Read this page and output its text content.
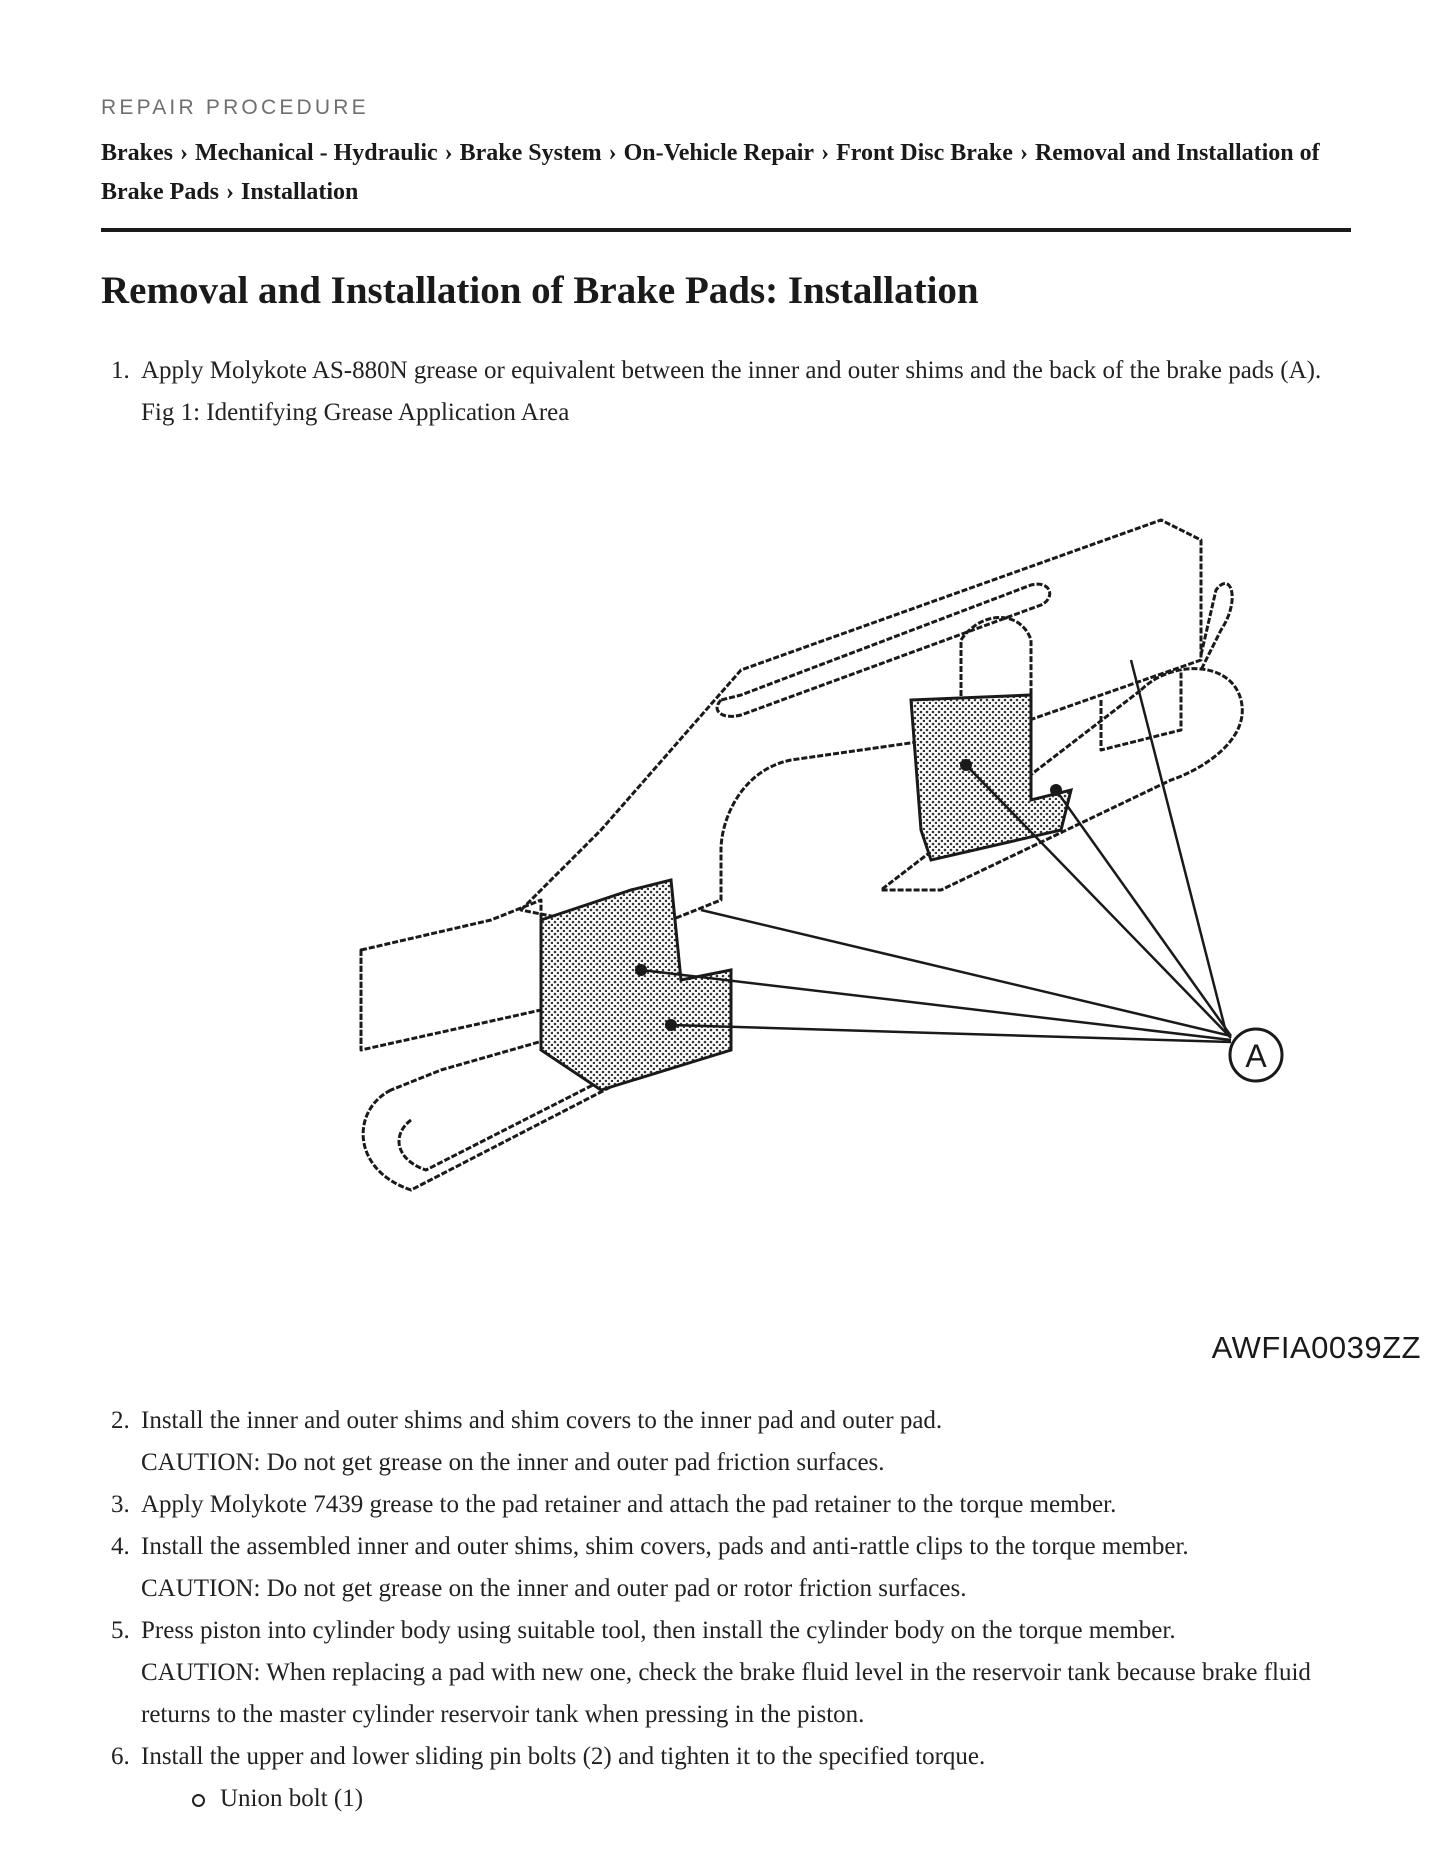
REPAIR PROCEDURE
Brakes › Mechanical - Hydraulic › Brake System › On-Vehicle Repair › Front Disc Brake › Removal and Installation of Brake Pads › Installation
Removal and Installation of Brake Pads: Installation
1. Apply Molykote AS-880N grease or equivalent between the inner and outer shims and the back of the brake pads (A).
Fig 1: Identifying Grease Application Area
A
AWFIA0039ZZ
2. Install the inner and outer shims and shim covers to the inner pad and outer pad.
CAUTION: Do not get grease on the inner and outer pad friction surfaces.
3. Apply Molykote 7439 grease to the pad retainer and attach the pad retainer to the torque member.
4. Install the assembled inner and outer shims, shim covers, pads and anti-rattle clips to the torque member.
CAUTION: Do not get grease on the inner and outer pad or rotor friction surfaces.
5. Press piston into cylinder body using suitable tool, then install the cylinder body on the torque member.
CAUTION: When replacing a pad with new one, check the brake fluid level in the reservoir tank because brake fluid returns to the master cylinder reservoir tank when pressing in the piston.
6. Install the upper and lower sliding pin bolts (2) and tighten it to the specified torque.
Union bolt (1)
